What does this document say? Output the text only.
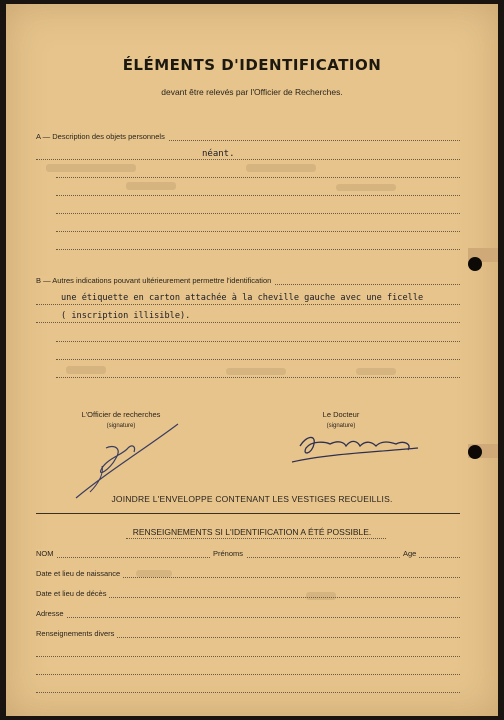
ÉLÉMENTS D'IDENTIFICATION
devant être relevés par l'Officier de Recherches.
A — Description des objets personnels
néant.
B — Autres indications pouvant ultérieurement permettre l'identification
une étiquette en carton attachée à la cheville gauche avec une ficelle
( inscription illisible).
L'Officier de recherches
(signature)
Le Docteur
(signature)
JOINDRE L'ENVELOPPE CONTENANT LES VESTIGES RECUEILLIS.
RENSEIGNEMENTS SI L'IDENTIFICATION A ÉTÉ POSSIBLE.
NOM	Prénoms	Age
Date et lieu de naissance
Date et lieu de décès
Adresse
Renseignements divers
